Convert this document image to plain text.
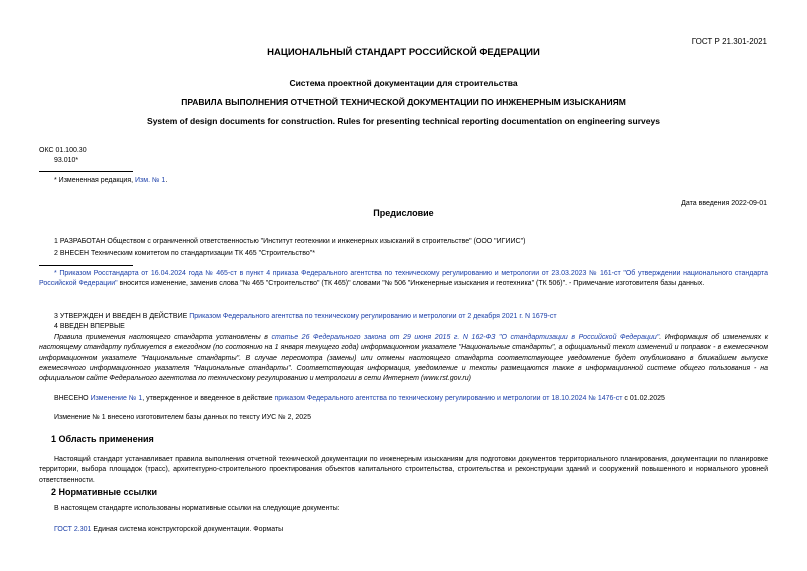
ГОСТ Р 21.301-2021
НАЦИОНАЛЬНЫЙ СТАНДАРТ РОССИЙСКОЙ ФЕДЕРАЦИИ
Система проектной документации для строительства
ПРАВИЛА ВЫПОЛНЕНИЯ ОТЧЕТНОЙ ТЕХНИЧЕСКОЙ ДОКУМЕНТАЦИИ ПО ИНЖЕНЕРНЫМ ИЗЫСКАНИЯМ
System of design documents for construction. Rules for presenting technical reporting documentation on engineering surveys
ОКС 01.100.30
93.010*
* Измененная редакция, Изм. № 1.
Дата введения 2022-09-01
Предисловие
1 РАЗРАБОТАН Обществом с ограниченной ответственностью "Институт геотехники и инженерных изысканий в строительстве" (ООО "ИГИИС")
2 ВНЕСЕН Техническим комитетом по стандартизации ТК 465 "Строительство"*
* Приказом Росстандарта от 16.04.2024 года № 465-ст в пункт 4 приказа Федерального агентства по техническому регулированию и метрологии от 23.03.2023 № 161-ст "Об утверждении национального стандарта Российской Федерации" вносится изменение, заменив слова "№ 465 "Строительство" (ТК 465)" словами "№ 506 "Инженерные изыскания и геотехника" (ТК 506)". - Примечание изготовителя базы данных.
3 УТВЕРЖДЕН И ВВЕДЕН В ДЕЙСТВИЕ Приказом Федерального агентства по техническому регулированию и метрологии от 2 декабря 2021 г. N 1679-ст
4 ВВЕДЕН ВПЕРВЫЕ
Правила применения настоящего стандарта установлены в статье 26 Федерального закона от 29 июня 2015 г. N 162-ФЗ "О стандартизации в Российской Федерации". Информация об изменениях к настоящему стандарту публикуется в ежегодном (по состоянию на 1 января текущего года) информационном указателе "Национальные стандарты", а официальный текст изменений и поправок - в ежемесячном информационном указателе "Национальные стандарты". В случае пересмотра (замены) или отмены настоящего стандарта соответствующее уведомление будет опубликовано в ближайшем выпуске ежемесячного информационного указателя "Национальные стандарты". Соответствующая информация, уведомление и тексты размещаются также в информационной системе общего пользования - на официальном сайте Федерального агентства по техническому регулированию и метрологии в сети Интернет (www.rst.gov.ru)
ВНЕСЕНО Изменение № 1, утвержденное и введенное в действие приказом Федерального агентства по техническому регулированию и метрологии от 18.10.2024 № 1476-ст с 01.02.2025
Изменение № 1 внесено изготовителем базы данных по тексту ИУС № 2, 2025
1 Область применения
Настоящий стандарт устанавливает правила выполнения отчетной технической документации по инженерным изысканиям для подготовки документов территориального планирования, документации по планировке территории, выбора площадок (трасс), архитектурно-строительного проектирования объектов капитального строительства, строительства и реконструкции зданий и сооружений повышенного и нормального уровней ответственности.
2 Нормативные ссылки
В настоящем стандарте использованы нормативные ссылки на следующие документы:
ГОСТ 2.301 Единая система конструкторской документации. Форматы
